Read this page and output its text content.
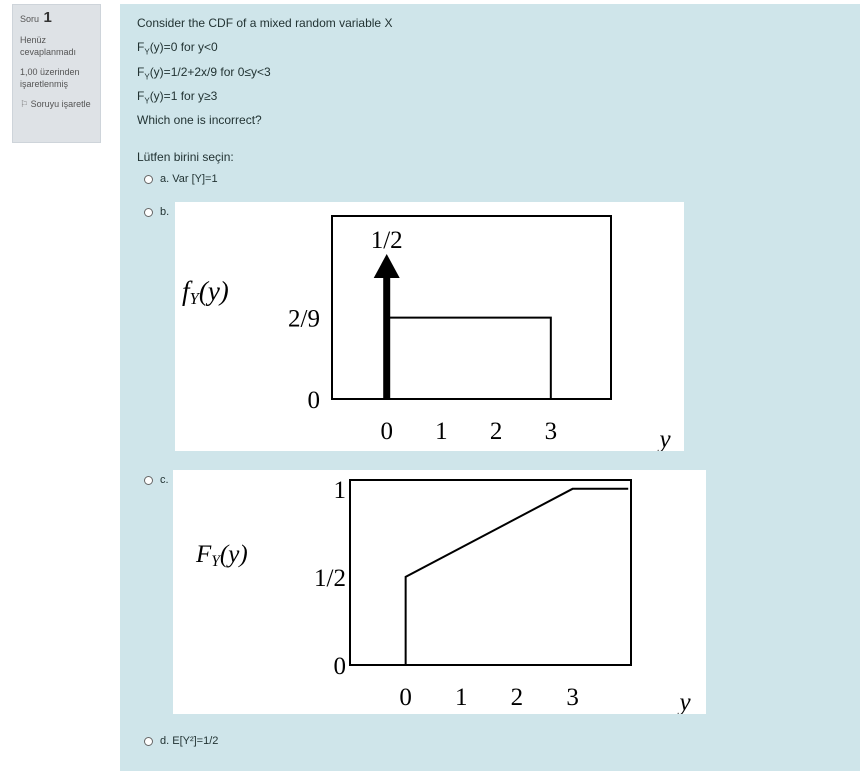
Soru 1
Henüz cevaplanmadı
1,00 üzerinden işaretlenmiş
⚐ Soruyu işaretle
Consider the CDF of a mixed random variable X
$F_Y(y)=0$ for y<0
$F_Y(y)=1/2+2x/9$ for 0≤y<3
$F_Y(y)=1$ for y≥3
Which one is incorrect?
Lütfen birini seçin:
a. Var [Y]=1
b.
1/2
0
2/9
0 1 2 3
fY(y)
y
c.
0
1/2
1
0 1 2 3
FY(y)
y
d. E[Y²]=1/2
